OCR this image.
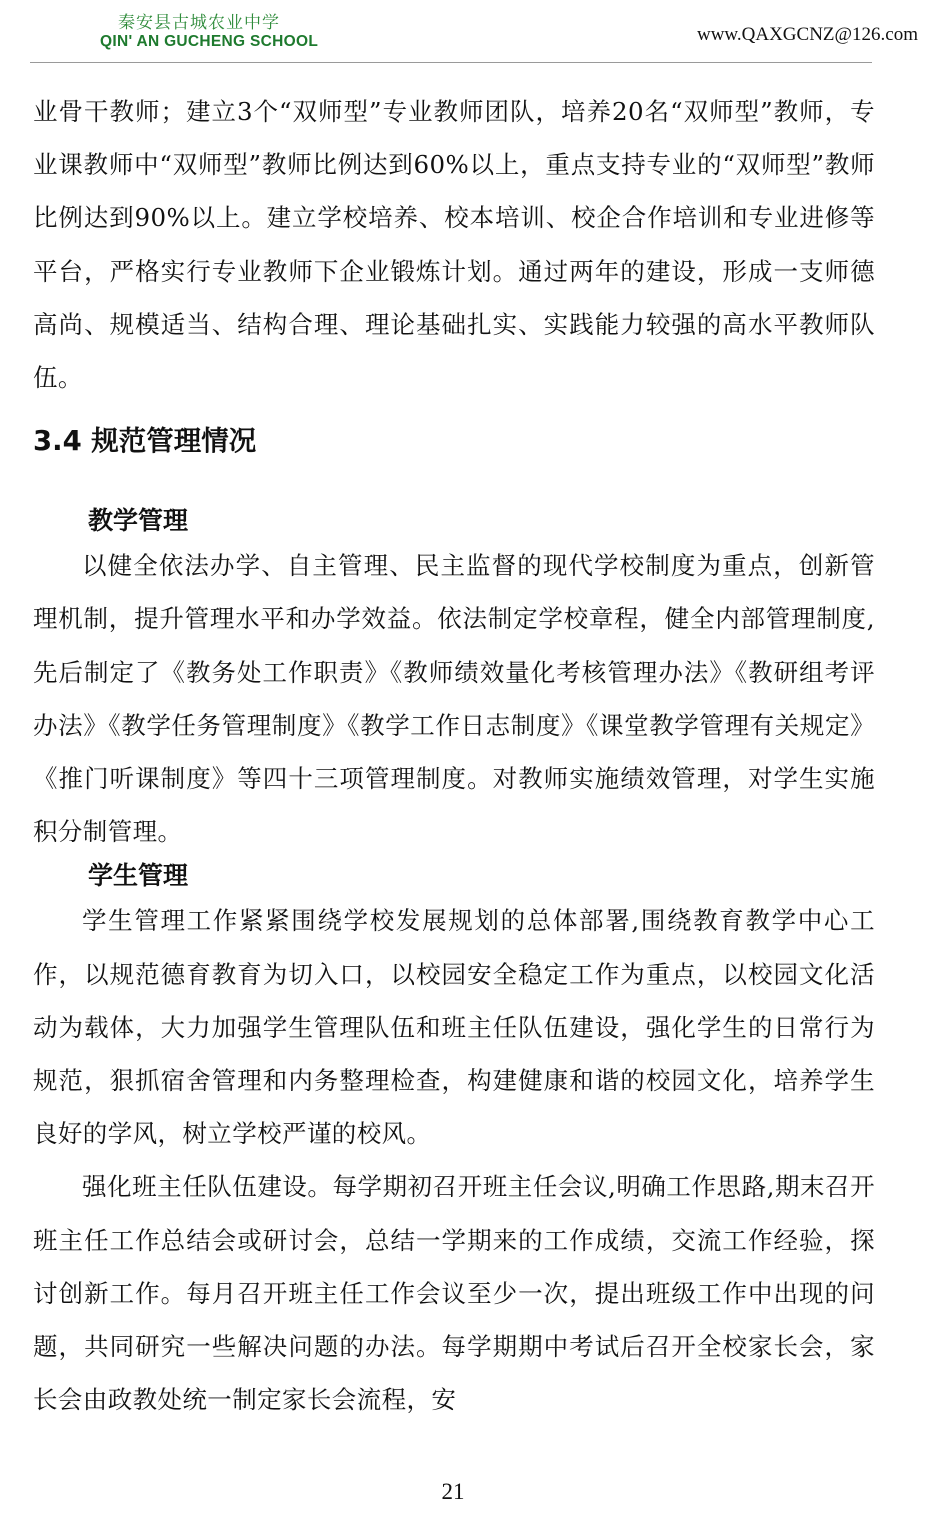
秦安县古城农业中学
QIN' AN GUCHENG SCHOOL	www.QAXGCNZ@126.com

业骨干教师；建立3个“双师型”专业教师团队，培养20名“双师型”教师，专业课教师中“双师型”教师比例达到60%以上，重点支持专业的“双师型”教师比例达到90%以上。建立学校培养、校本培训、校企合作培训和专业进修等平台，严格实行专业教师下企业锻炼计划。通过两年的建设，形成一支师德高尚、规模适当、结构合理、理论基础扎实、实践能力较强的高水平教师队伍。

3.4 规范管理情况
教学管理

以健全依法办学、自主管理、民主监督的现代学校制度为重点，创新管理机制，提升管理水平和办学效益。依法制定学校章程，健全内部管理制度,先后制定了《教务处工作职责》《教师绩效量化考核管理办法》《教研组考评办法》《教学任务管理制度》《教学工作日志制度》《课堂教学管理有关规定》《推门听课制度》等四十三项管理制度。对教师实施绩效管理，对学生实施积分制管理。

学生管理

学生管理工作紧紧围绕学校发展规划的总体部署,围绕教育教学中心工作，以规范德育教育为切入口，以校园安全稳定工作为重点，以校园文化活动为载体，大力加强学生管理队伍和班主任队伍建设，强化学生的日常行为规范，狠抓宿舍管理和内务整理检查，构建健康和谐的校园文化，培养学生良好的学风，树立学校严谨的校风。

强化班主任队伍建设。每学期初召开班主任会议,明确工作思路,期末召开班主任工作总结会或研讨会，总结一学期来的工作成绩，交流工作经验，探讨创新工作。每月召开班主任工作会议至少一次，提出班级工作中出现的问题，共同研究一些解决问题的办法。每学期期中考试后召开全校家长会，家长会由政教处统一制定家长会流程，安

21
